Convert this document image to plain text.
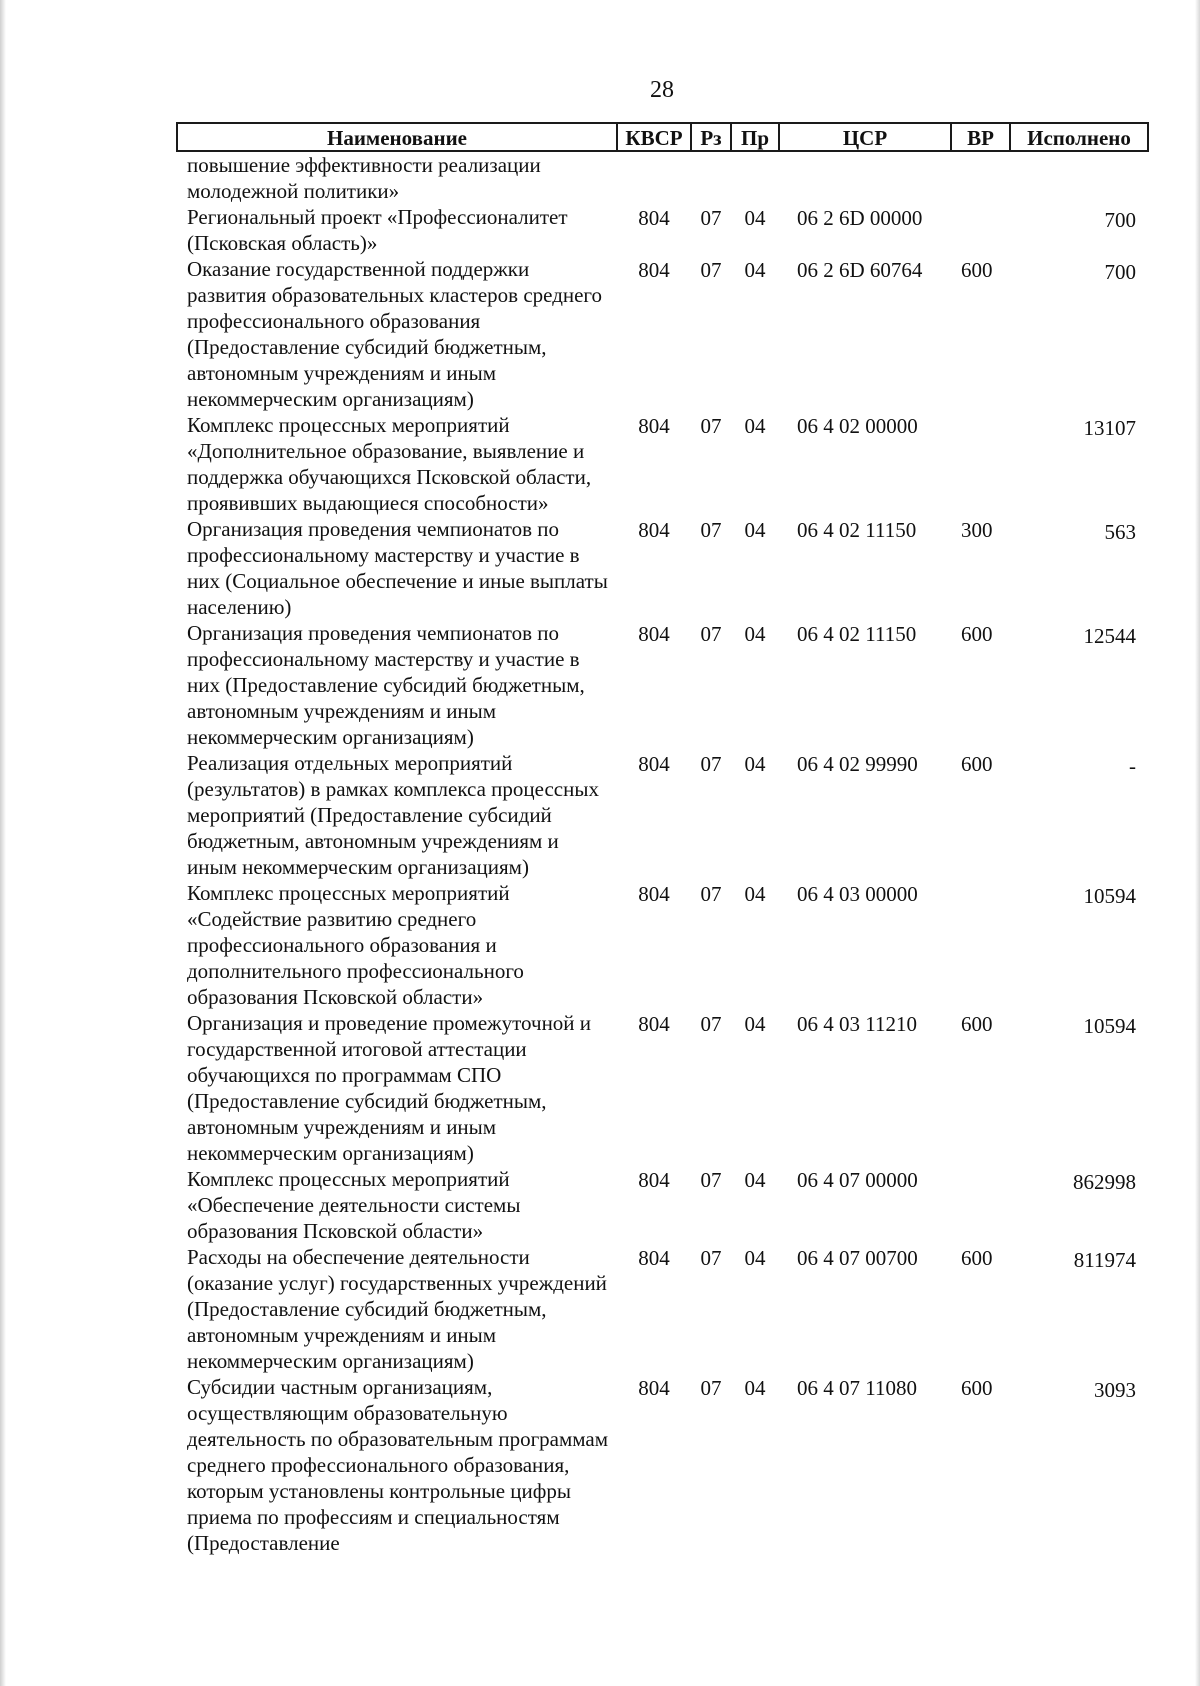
28
Наименование	КВСР	Рз	Пр	ЦСР	ВР	Исполнено
повышение эффективности реализации молодежной политики»						
Региональный проект «Профессионалитет (Псковская область)»	804	07	04	06 2 6D 00000		700
Оказание государственной поддержки развития образовательных кластеров среднего профессионального образования (Предоставление субсидий бюджетным, автономным учреждениям и иным некоммерческим организациям)	804	07	04	06 2 6D 60764	600	700
Комплекс процессных мероприятий «Дополнительное образование, выявление и поддержка обучающихся Псковской области, проявивших выдающиеся способности»	804	07	04	06 4 02 00000		13107
Организация проведения чемпионатов по профессиональному мастерству и участие в них (Социальное обеспечение и иные выплаты населению)	804	07	04	06 4 02 11150	300	563
Организация проведения чемпионатов по профессиональному мастерству и участие в них (Предоставление субсидий бюджетным, автономным учреждениям и иным некоммерческим организациям)	804	07	04	06 4 02 11150	600	12544
Реализация отдельных мероприятий (результатов) в рамках комплекса процессных мероприятий (Предоставление субсидий бюджетным, автономным учреждениям и иным некоммерческим организациям)	804	07	04	06 4 02 99990	600	-
Комплекс процессных мероприятий «Содействие развитию среднего профессионального образования и дополнительного профессионального образования Псковской области»	804	07	04	06 4 03 00000		10594
Организация и проведение промежуточной и государственной итоговой аттестации обучающихся по программам СПО (Предоставление субсидий бюджетным, автономным учреждениям и иным некоммерческим организациям)	804	07	04	06 4 03 11210	600	10594
Комплекс процессных мероприятий «Обеспечение деятельности системы образования Псковской области»	804	07	04	06 4 07 00000		862998
Расходы на обеспечение деятельности (оказание услуг) государственных учреждений (Предоставление субсидий бюджетным, автономным учреждениям и иным некоммерческим организациям)	804	07	04	06 4 07 00700	600	811974
Субсидии частным организациям, осуществляющим образовательную деятельность по образовательным программам среднего профессионального образования, которым установлены контрольные цифры приема по профессиям и специальностям (Предоставление	804	07	04	06 4 07 11080	600	3093
